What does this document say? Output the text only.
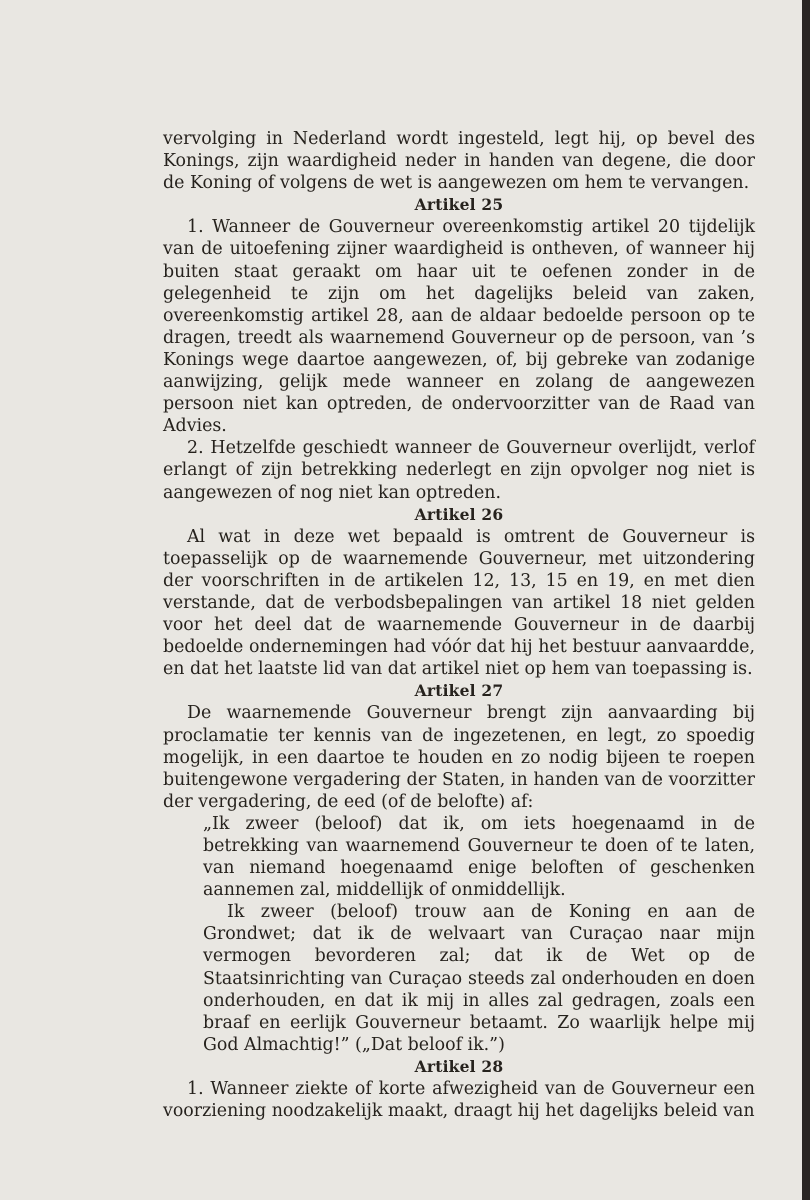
vervolging in Nederland wordt ingesteld, legt hij, op bevel des Konings, zijn waardigheid neder in handen van degene, die door de Koning of volgens de wet is aangewezen om hem te vervangen.

Artikel 25

1. Wanneer de Gouverneur overeenkomstig artikel 20 tijdelijk van de uitoefening zijner waardigheid is ontheven, of wanneer hij buiten staat geraakt om haar uit te oefenen zonder in de gelegenheid te zijn om het dagelijks beleid van zaken, overeenkomstig artikel 28, aan de aldaar bedoelde persoon op te dragen, treedt als waarnemend Gouverneur op de persoon, van ’s Konings wege daartoe aangewezen, of, bij gebreke van zodanige aanwijzing, gelijk mede wanneer en zolang de aangewezen persoon niet kan optreden, de ondervoorzitter van de Raad van Advies.

2. Hetzelfde geschiedt wanneer de Gouverneur overlijdt, verlof erlangt of zijn betrekking nederlegt en zijn opvolger nog niet is aangewezen of nog niet kan optreden.

Artikel 26

Al wat in deze wet bepaald is omtrent de Gouverneur is toepasselijk op de waarnemende Gouverneur, met uitzondering der voorschriften in de artikelen 12, 13, 15 en 19, en met dien verstande, dat de verbodsbepalingen van artikel 18 niet gelden voor het deel dat de waarnemende Gouverneur in de daarbij bedoelde ondernemingen had vóór dat hij het bestuur aanvaardde, en dat het laatste lid van dat artikel niet op hem van toepassing is.

Artikel 27

De waarnemende Gouverneur brengt zijn aanvaarding bij proclamatie ter kennis van de ingezetenen, en legt, zo spoedig mogelijk, in een daartoe te houden en zo nodig bijeen te roepen buitengewone vergadering der Staten, in handen van de voorzitter der vergadering, de eed (of de belofte) af:

„Ik zweer (beloof) dat ik, om iets hoegenaamd in de betrekking van waarnemend Gouverneur te doen of te laten, van niemand hoegenaamd enige beloften of geschenken aannemen zal, middellijk of onmiddellijk.

Ik zweer (beloof) trouw aan de Koning en aan de Grondwet; dat ik de welvaart van Curaçao naar mijn vermogen bevorderen zal; dat ik de Wet op de Staatsinrichting van Curaçao steeds zal onderhouden en doen onderhouden, en dat ik mij in alles zal gedragen, zoals een braaf en eerlijk Gouverneur betaamt. Zo waarlijk helpe mij God Almachtig!” („Dat beloof ik.”)

Artikel 28

1. Wanneer ziekte of korte afwezigheid van de Gouverneur een voorziening noodzakelijk maakt, draagt hij het dagelijks beleid van
